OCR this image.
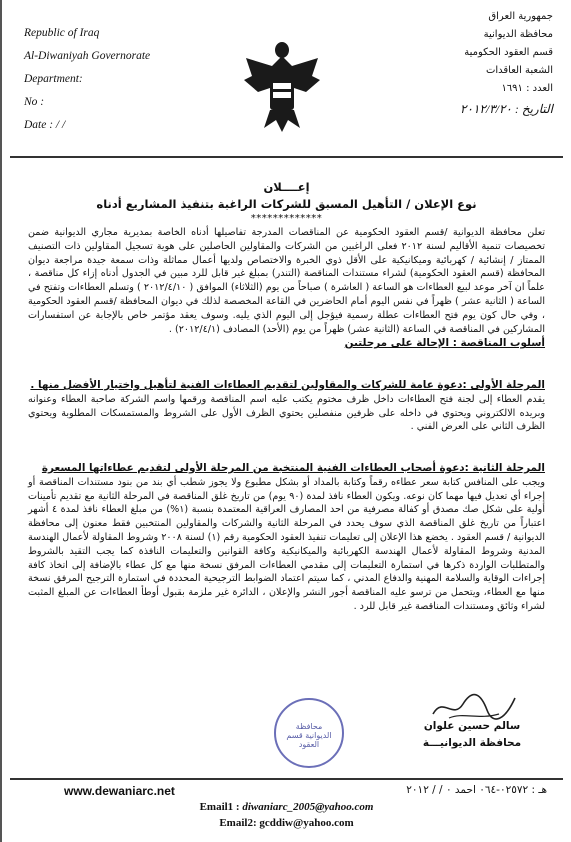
Republic of Iraq
Al-Diwaniyah Governorate
Department:
No :
Date : / /
جمهورية العراق
محافظة الديوانية
قسم العقود الحكومية
الشعبة العاقدات
العدد : ١٦٩١
التاريخ : ٢٠١٢/٣/٢٠
إعــــلان
نوع الإعلان / التأهيل المسبق للشركات الراغبة بتنفيذ المشاريع أدناه
*************

تعلن محافظة الديوانية /قسم العقود الحكومية عن المناقصات المدرجة تفاصيلها أدناه الخاصة بمديرية مجاري الديوانية ضمن تخصيصات تنمية الأقاليم لسنة ٢٠١٢ فعلى الراغبين من الشركات والمقاولين الحاصلين على هوية تسجيل المقاولين ذات التصنيف الممتاز / إنشائية / كهربائية وميكانيكية على الأقل ذوي الخبرة والاختصاص ولديها أعمال مماثلة وذات سمعة جيدة مراجعة ديوان المحافظة (قسم العقود الحكومية) لشراء مستندات المناقصة (التندر) بمبلغ غير قابل للرد مبين في الجدول أدناه إزاء كل مناقصة ، علماً ان آخر موعد لبيع العطاءات هو الساعة ( العاشرة ) صباحاً من يوم (الثلاثاء) الموافق ( ٢٠١٢/٤/١٠ ) وتسلم العطاءات وتفتح في الساعة ( الثانية عشر ) ظهراً في نفس اليوم أمام الحاضرين في القاعة المخصصة لذلك في ديوان المحافظة /قسم العقود الحكومية ، وفي حال كون يوم فتح العطاءات عطلة رسمية فيؤجل إلى اليوم الذي يليه. وسوف يعقد مؤتمر خاص بالإجابة عن استفسارات المشاركين في المناقصة في الساعة (الثانية عشر) ظهراً من يوم (الأحد) المصادف (٢٠١٢/٤/١) .

أسلوب المناقصة : الإحالة على مرحلتين

المرحلة الأولى :دعوة عامة للشركات والمقاولين لتقديم العطاءات الفنية لتأهيل واختيار الأفضل منها .

يقدم العطاء إلى لجنة فتح العطاءات داخل ظرف مختوم يكتب عليه اسم المناقصة ورقمها واسم الشركة صاحبة العطاء وعنوانه وبريده الالكتروني ويحتوي في داخله على ظرفين منفصلين يحتوي الظرف الأول على الشروط والمستمسكات المطلوبة ويحتوي الظرف الثاني على العرض الفني .

المرحلة الثانية :دعوة أصحاب العطاءات الفنية المنتخبة من المرحلة الأولى لتقديم عطاءاتها المسعرة

ويجب على المنافس كتابة سعر عطاءه رقماً وكتابة بالمداد أو بشكل مطبوع ولا يجوز شطب أي بند من بنود مستندات المناقصة أو إجراء أي تعديل فيها مهما كان نوعه. ويكون العطاء نافذ لمدة (٩٠ يوم) من تاريخ غلق المناقصة في المرحلة الثانية مع تقديم تأمينات أولية على شكل صك مصدق أو كفالة مصرفية من احد المصارف العراقية المعتمدة بنسبة (١%) من مبلغ العطاء نافذ لمدة ٤ أشهر اعتباراً من تاريخ غلق المناقصة الذي سوف يحدد في المرحلة الثانية والشركات والمقاولين المنتخبين فقط معنون إلى محافظة الديوانية / قسم العقود . يخضع هذا الإعلان إلى تعليمات تنفيذ العقود الحكومية رقم (١) لسنة ٢٠٠٨ وشروط المقاولة لأعمال الهندسة المدنية وشروط المقاولة لأعمال الهندسة الكهربائية والميكانيكية وكافة القوانين والتعليمات النافذة كما يجب التقيد بالشروط والمتطلبات الواردة ذكرها في استمارة التعليمات إلى مقدمي العطاءات المرفق نسخة منها مع كل عطاء بالإضافة إلى اتخاذ كافة إجراءات الوقاية والسلامة المهنية والدفاع المدني ، كما سيتم اعتماد الضوابط الترجيحية المحددة في استمارة الترجيح المرفق نسخة منها مع العطاء، ويتحمل من ترسو عليه المناقصة أجور النشر والإعلان ، الدائرة غير ملزمة بقبول أوطأ العطاءات عن المبلغ المثبت لشراء وثائق ومستندات المناقصة غير قابل للرد .

محافظة الديوانية قسم العقود
سالم حسين علوان
محافظة الديوانيـــة
www.dewaniarc.net	هـ : ٠٢٥٧٢-٠٦٤ احمد ٠ / / ٢٠١٢
Email1 : diwaniarc_2005@yahoo.com
Email2: gcddiw@yahoo.com
